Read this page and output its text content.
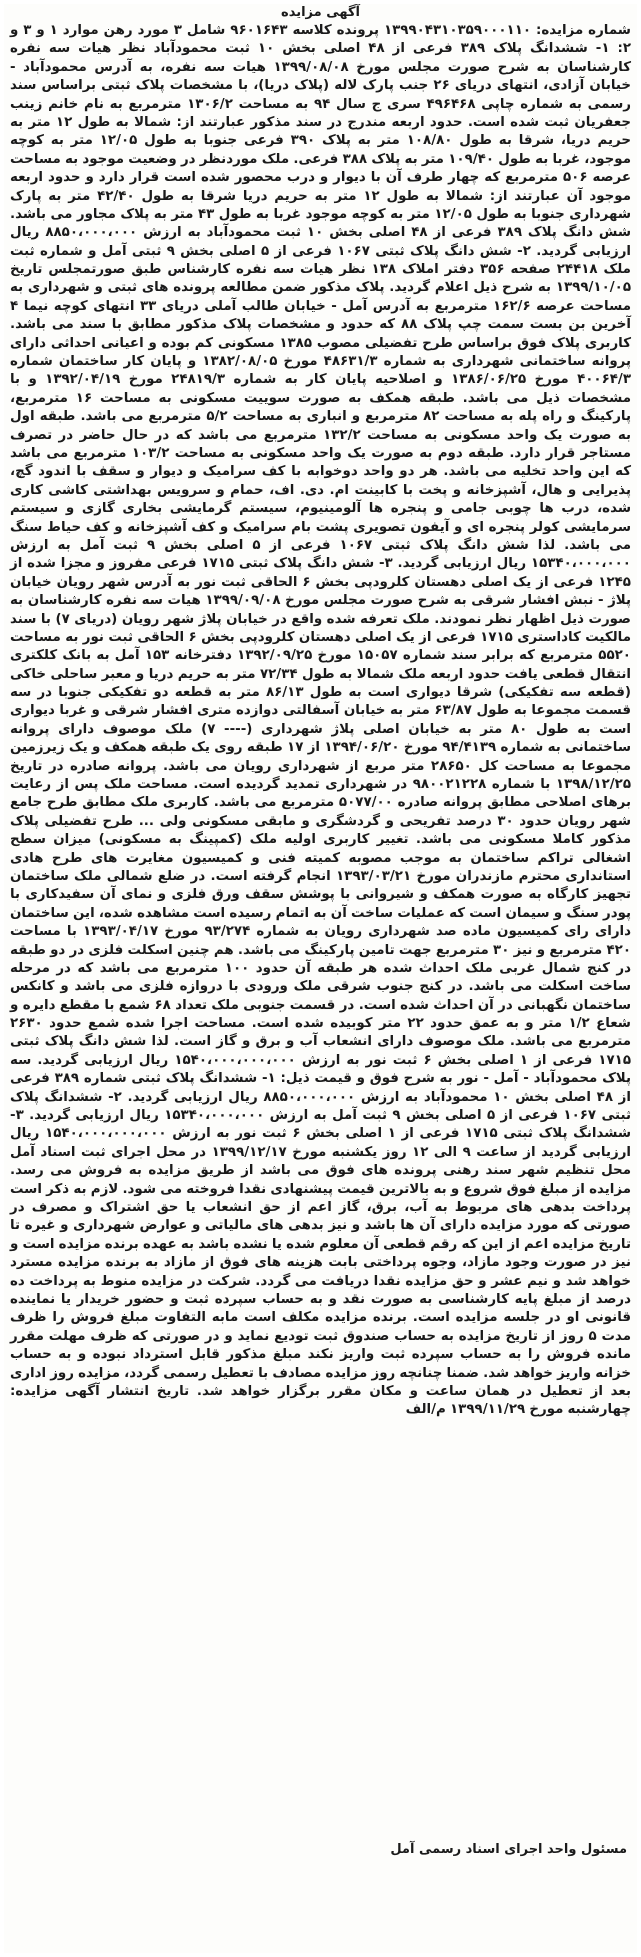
آگهی مزایده
شماره مزایده: ۱۳۹۹۰۴۳۱۰۳۵۹۰۰۰۱۱۰ پرونده کلاسه ۹۶۰۱۶۴۳ شامل ۳ مورد رهن موارد ۱ و ۳ و ۲: ۱- ششدانگ پلاک ۳۸۹ فرعی از ۴۸ اصلی بخش ۱۰ ثبت محمودآباد نظر هیات سه نفره کارشناسان به شرح صورت مجلس مورخ ۱۳۹۹/۰۸/۰۸ هیات سه نفره، به آدرس محمودآباد - خیابان آزادی، انتهای دریای ۲۶ جنب پارک لاله (پلاک دریا)، با مشخصات پلاک ثبتی براساس سند رسمی به شماره چاپی ۴۹۶۴۶۸ سری ج سال ۹۴ به مساحت ۱۳۰۶/۲ مترمربع به نام خانم زینب جعفریان ثبت شده است. حدود اربعه مندرج در سند مذکور عبارتند از: شمالا به طول ۱۲ متر به حریم دریا، شرقا به طول ۱۰۸/۸۰ متر به پلاک ۳۹۰ فرعی جنوبا به طول ۱۲/۰۵ متر به کوچه موجود، غربا به طول ۱۰۹/۴۰ متر به پلاک ۳۸۸ فرعی. ملک موردنظر در وضعیت موجود به مساحت عرصه ۵۰۶ مترمربع که چهار طرف آن با دیوار و درب محصور شده است قرار دارد و حدود اربعه موجود آن عبارتند از: شمالا به طول ۱۲ متر به حریم دریا شرقا به طول ۴۲/۴۰ متر به پارک شهرداری جنوبا به طول ۱۲/۰۵ متر به کوچه موجود غربا به طول ۴۳ متر به پلاک مجاور می باشد. شش دانگ پلاک ۳۸۹ فرعی از ۴۸ اصلی بخش ۱۰ ثبت محمودآباد به ارزش ۸۸۵۰،۰۰۰،۰۰۰ ریال ارزیابی گردید. ۲- شش دانگ پلاک ثبتی ۱۰۶۷ فرعی از ۵ اصلی بخش ۹ ثبتی آمل و شماره ثبت ملک ۲۴۴۱۸ صفحه ۳۵۶ دفتر املاک ۱۳۸ نظر هیات سه نفره کارشناس طبق صورتمجلس تاریخ ۱۳۹۹/۱۰/۰۵ به شرح ذیل اعلام گردید. پلاک مذکور ضمن مطالعه پرونده های ثبتی و شهرداری به مساحت عرصه ۱۶۲/۶ مترمربع به آدرس آمل - خیابان طالب آملی دریای ۳۳ انتهای کوچه نیما ۴ آخرین بن بست سمت چپ پلاک ۸۸ که حدود و مشخصات پلاک مذکور مطابق با سند می باشد. کاربری پلاک فوق براساس طرح تفضیلی مصوب ۱۳۸۵ مسکونی کم بوده و اعیانی احداثی دارای پروانه ساختمانی شهرداری به شماره ۴۸۶۳۱/۳ مورخ ۱۳۸۲/۰۸/۰۵ و پایان کار ساختمان شماره ۴۰۰۶۴/۳ مورخ ۱۳۸۶/۰۶/۲۵ و اصلاحیه پایان کار به شماره ۲۴۸۱۹/۳ مورخ ۱۳۹۲/۰۴/۱۹ و با مشخصات ذیل می باشد. طبقه همکف به صورت سوییت مسکونی به مساحت ۱۶ مترمربع، پارکینگ و راه پله به مساحت ۸۲ مترمربع و انباری به مساحت ۵/۲ مترمربع می باشد. طبقه اول به صورت یک واحد مسکونی به مساحت ۱۳۲/۲ مترمربع می باشد که در حال حاضر در تصرف مستاجر قرار دارد. طبقه دوم به صورت یک واحد مسکونی به مساحت ۱۰۳/۲ مترمربع می باشد که این واحد تخلیه می باشد. هر دو واحد دوخوابه با کف سرامیک و دیوار و سقف با اندود گچ، پذیرایی و هال، آشپزخانه و پخت با کابینت ام. دی. اف، حمام و سرویس بهداشتی کاشی کاری شده، درب ها چوبی جامی و پنجره ها آلومینیوم، سیستم گرمایشی بخاری گازی و سیستم سرمایشی کولر پنجره ای و آیفون تصویری پشت بام سرامیک و کف آشپزخانه و کف حیاط سنگ می باشد. لذا شش دانگ پلاک ثبتی ۱۰۶۷ فرعی از ۵ اصلی بخش ۹ ثبت آمل به ارزش ۱۵۳۴۰،۰۰۰،۰۰۰ ریال ارزیابی گردید. ۳- شش دانگ پلاک ثبتی ۱۷۱۵ فرعی مفروز و مجزا شده از ۱۲۴۵ فرعی از یک اصلی دهستان کلرودپی بخش ۶ الحاقی ثبت نور به آدرس شهر رویان خیابان پلاژ - نبش افشار شرقی به شرح صورت مجلس مورخ ۱۳۹۹/۰۹/۰۸ هیات سه نفره کارشناسان به صورت ذیل اظهار نظر نمودند. ملک تعرفه شده واقع در خیابان پلاژ شهر رویان (دریای ۷) با سند مالکیت کاداستری ۱۷۱۵ فرعی از یک اصلی دهستان کلرودپی بخش ۶ الحاقی ثبت نور به مساحت ۵۵۲۰ مترمربع که برابر سند شماره ۱۵۰۵۷ مورخ ۱۳۹۲/۰۹/۲۵ دفترخانه ۱۵۳ آمل به بانک کلکتری انتقال قطعی یافت حدود اربعه ملک شمالا به طول ۷۲/۳۴ متر به حریم دریا و معبر ساحلی خاکی (قطعه سه تفکیکی) شرقا دیواری است به طول ۸۶/۱۳ متر به قطعه دو تفکیکی جنوبا در سه قسمت مجموعا به طول ۶۳/۸۷ متر به خیابان آسفالتی دوازده متری افشار شرقی و غربا دیواری است به طول ۸۰ متر به خیابان اصلی پلاژ شهرداری (---- ۷) ملک موصوف دارای پروانه ساختمانی به شماره ۹۴/۴۱۳۹ مورخ ۱۳۹۴/۰۶/۲۰ از ۱۷ طبقه روی یک طبقه همکف و یک زیرزمین مجموعا به مساحت کل ۲۸۶۵۰ متر مربع از شهرداری رویان می باشد. پروانه صادره در تاریخ ۱۳۹۸/۱۲/۲۵ با شماره ۹۸۰۰۲۱۲۲۸ در شهرداری تمدید گردیده است. مساحت ملک پس از رعایت برهای اصلاحی مطابق پروانه صادره ۵۰۷۷/۰۰ مترمربع می باشد. کاربری ملک مطابق طرح جامع شهر رویان حدود ۳۰ درصد تفریحی و گردشگری و مابقی مسکونی ولی ... طرح تفضیلی پلاک مذکور کاملا مسکونی می باشد. تغییر کاربری اولیه ملک (کمپینگ به مسکونی) میزان سطح اشغالی تراکم ساختمان به موجب مصوبه کمیته فنی و کمیسیون مغایرت های طرح هادی استانداری محترم مازندران مورخ ۱۳۹۳/۰۳/۲۱ انجام گرفته است. در ضلع شمالی ملک ساختمان تجهیز کارگاه به صورت همکف و شیروانی با پوشش سقف ورق فلزی و نمای آن سفیدکاری با پودر سنگ و سیمان است که عملیات ساخت آن به اتمام رسیده است مشاهده شده، این ساختمان دارای رای کمیسیون ماده صد شهرداری رویان به شماره ۹۳/۲۷۴ مورخ ۱۳۹۳/۰۴/۱۷ با مساحت ۴۲۰ مترمربع و نیز ۳۰ مترمربع جهت تامین پارکینگ می باشد. هم چنین اسکلت فلزی در دو طبقه در کنج شمال غربی ملک احداث شده هر طبقه آن حدود ۱۰۰ مترمربع می باشد که در مرحله ساخت اسکلت می باشد. در کنج جنوب شرقی ملک ورودی با دروازه فلزی می باشد و کانکس ساختمان نگهبانی در آن احداث شده است. در قسمت جنوبی ملک تعداد ۶۸ شمع با مقطع دایره و شعاع ۱/۲ متر و به عمق حدود ۲۲ متر کوبیده شده است. مساحت اجرا شده شمع حدود ۲۶۳۰ مترمربع می باشد. ملک موصوف دارای انشعاب آب و برق و گاز است. لذا شش دانگ پلاک ثبتی ۱۷۱۵ فرعی از ۱ اصلی بخش ۶ ثبت نور به ارزش ۱۵۴۰،۰۰۰،۰۰۰،۰۰۰ ریال ارزیابی گردید. سه پلاک محمودآباد - آمل - نور به شرح فوق و قیمت ذیل: ۱- ششدانگ پلاک ثبتی شماره ۳۸۹ فرعی از ۴۸ اصلی بخش ۱۰ محمودآباد به ارزش ۸۸۵۰،۰۰۰،۰۰۰ ریال ارزیابی گردید. ۲- ششدانگ پلاک ثبتی ۱۰۶۷ فرعی از ۵ اصلی بخش ۹ ثبت آمل به ارزش ۱۵۳۴۰،۰۰۰،۰۰۰ ریال ارزیابی گردید. ۳- ششدانگ پلاک ثبتی ۱۷۱۵ فرعی از ۱ اصلی بخش ۶ ثبت نور به ارزش ۱۵۴۰،۰۰۰،۰۰۰،۰۰۰ ریال ارزیابی گردید از ساعت ۹ الی ۱۲ روز یکشنبه مورخ ۱۳۹۹/۱۲/۱۷ در محل اجرای ثبت اسناد آمل محل تنظیم شهر سند رهنی پرونده های فوق می باشد از طریق مزایده به فروش می رسد. مزایده از مبلغ فوق شروع و به بالاترین قیمت پیشنهادی نقدا فروخته می شود. لازم به ذکر است پرداخت بدهی های مربوط به آب، برق، گاز اعم از حق انشعاب یا حق اشتراک و مصرف در صورتی که مورد مزایده دارای آن ها باشد و نیز بدهی های مالیاتی و عوارض شهرداری و غیره تا تاریخ مزایده اعم از این که رقم قطعی آن معلوم شده یا نشده باشد به عهده برنده مزایده است و نیز در صورت وجود مازاد، وجوه پرداختی بابت هزینه های فوق از مازاد به برنده مزایده مسترد خواهد شد و نیم عشر و حق مزایده نقدا دریافت می گردد. شرکت در مزایده منوط به پرداخت ده درصد از مبلغ پایه کارشناسی به صورت نقد و به حساب سپرده ثبت و حضور خریدار یا نماینده قانونی او در جلسه مزایده است. برنده مزایده مکلف است مابه التفاوت مبلغ فروش را ظرف مدت ۵ روز از تاریخ مزایده به حساب صندوق ثبت تودیع نماید و در صورتی که ظرف مهلت مقرر مانده فروش را به حساب سپرده ثبت واریز نکند مبلغ مذکور قابل استرداد نبوده و به حساب خزانه واریز خواهد شد. ضمنا چنانچه روز مزایده مصادف با تعطیل رسمی گردد، مزایده روز اداری بعد از تعطیل در همان ساعت و مکان مقرر برگزار خواهد شد. تاریخ انتشار آگهی مزایده: چهارشنبه مورخ ۱۳۹۹/۱۱/۲۹ م/الف
مسئول واحد اجرای اسناد رسمی آمل
